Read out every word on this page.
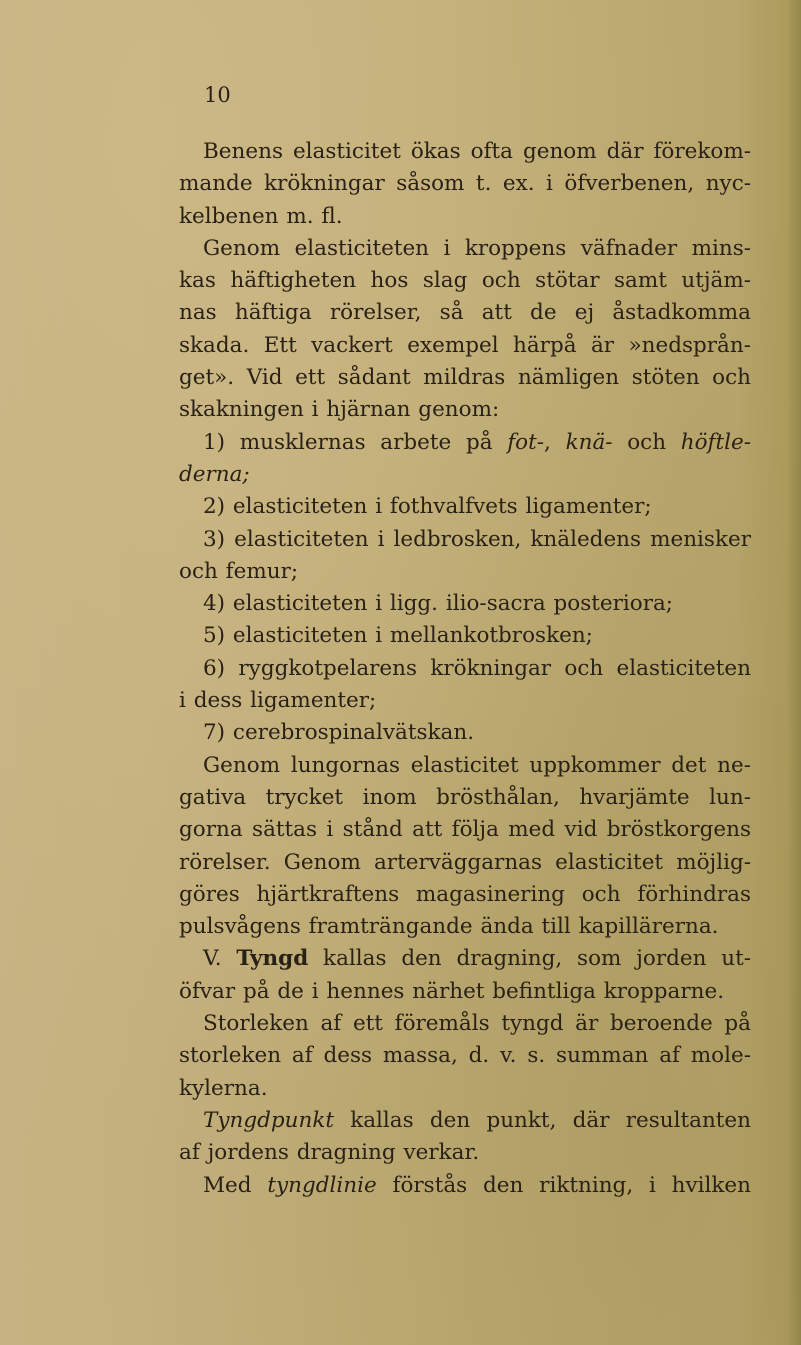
10
Benens elasticitet ökas ofta genom där förekom-
mande krökningar såsom t. ex. i öfverbenen, nyc-
kelbenen m. fl.
Genom elasticiteten i kroppens väfnader mins-
kas häftigheten hos slag och stötar samt utjäm-
nas häftiga rörelser, så att de ej åstadkomma
skada. Ett vackert exempel härpå är »nedsprån-
get». Vid ett sådant mildras nämligen stöten och
skakningen i hjärnan genom:
1) musklernas arbete på fot-, knä- och höftle-
derna;
2) elasticiteten i fothvalfvets ligamenter;
3) elasticiteten i ledbrosken, knäledens menisker
och femur;
4) elasticiteten i ligg. ilio-sacra posteriora;
5) elasticiteten i mellankotbrosken;
6) ryggkotpelarens krökningar och elasticiteten
i dess ligamenter;
7) cerebrospinalvätskan.
Genom lungornas elasticitet uppkommer det ne-
gativa trycket inom brösthålan, hvarjämte lun-
gorna sättas i stånd att följa med vid bröstkorgens
rörelser. Genom arterväggarnas elasticitet möjlig-
göres hjärtkraftens magasinering och förhindras
pulsvågens framträngande ända till kapillärerna.
V. Tyngd kallas den dragning, som jorden ut-
öfvar på de i hennes närhet befintliga kropparne.
Storleken af ett föremåls tyngd är beroende på
storleken af dess massa, d. v. s. summan af mole-
kylerna.
Tyngdpunkt kallas den punkt, där resultanten
af jordens dragning verkar.
Med tyngdlinie förstås den riktning, i hvilken
